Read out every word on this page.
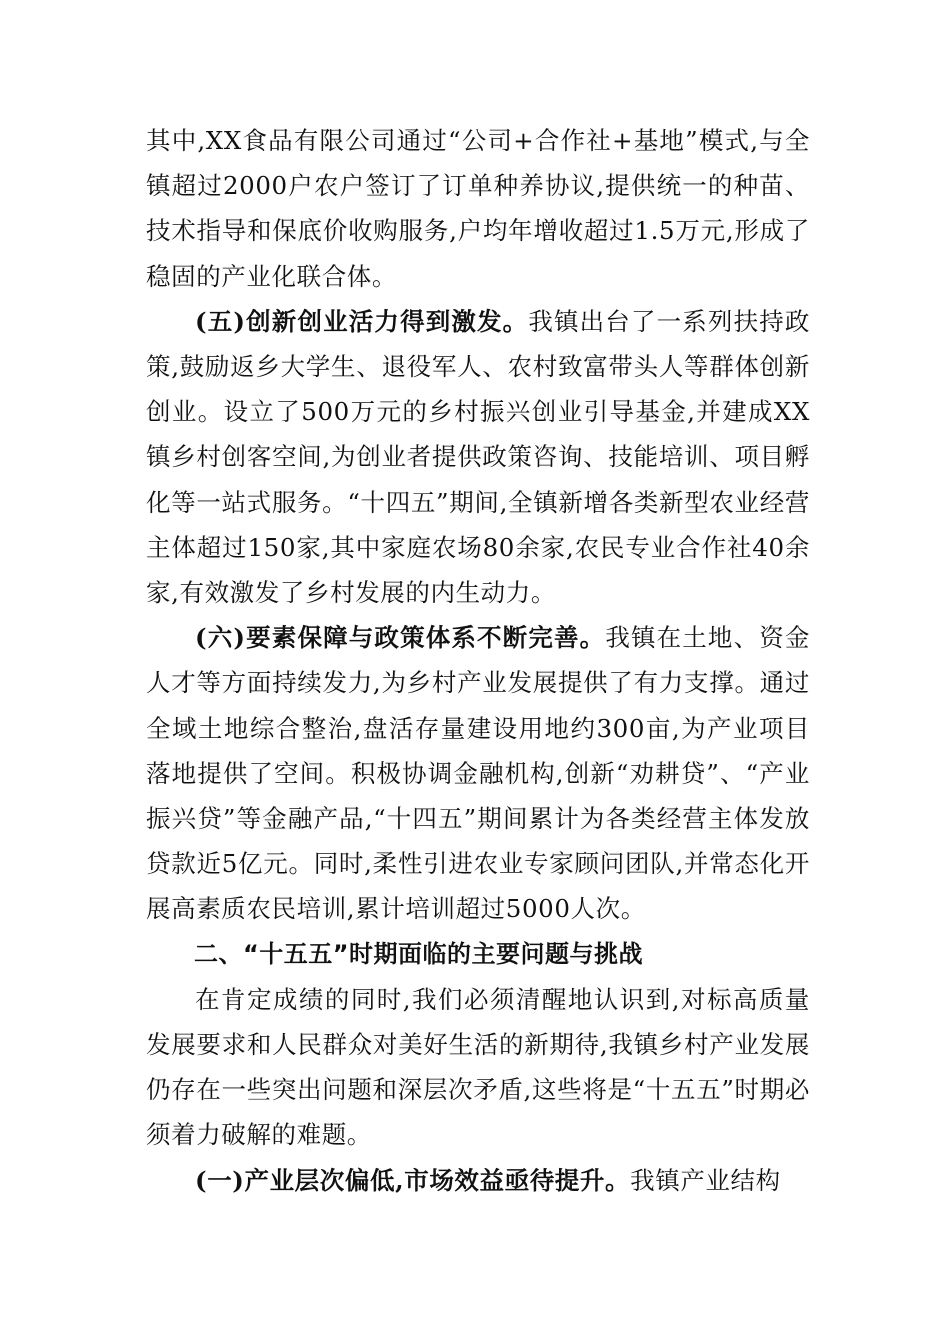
其中,XX食品有限公司通过“公司+合作社+基地”模式,与全镇超过2000户农户签订了订单种养协议,提供统一的种苗、技术指导和保底价收购服务,户均年增收超过1.5万元,形成了稳固的产业化联合体。

(五)创新创业活力得到激发。我镇出台了一系列扶持政策,鼓励返乡大学生、退役军人、农村致富带头人等群体创新创业。设立了500万元的乡村振兴创业引导基金,并建成XX镇乡村创客空间,为创业者提供政策咨询、技能培训、项目孵化等一站式服务。“十四五”期间,全镇新增各类新型农业经营主体超过150家,其中家庭农场80余家,农民专业合作社40余家,有效激发了乡村发展的内生动力。

(六)要素保障与政策体系不断完善。我镇在土地、资金人才等方面持续发力,为乡村产业发展提供了有力支撑。通过全域土地综合整治,盘活存量建设用地约300亩,为产业项目落地提供了空间。积极协调金融机构,创新“劝耕贷”、“产业振兴贷”等金融产品,“十四五”期间累计为各类经营主体发放贷款近5亿元。同时,柔性引进农业专家顾问团队,并常态化开展高素质农民培训,累计培训超过5000人次。

二、“十五五”时期面临的主要问题与挑战

在肯定成绩的同时,我们必须清醒地认识到,对标高质量发展要求和人民群众对美好生活的新期待,我镇乡村产业发展仍存在一些突出问题和深层次矛盾,这些将是“十五五”时期必须着力破解的难题。

(一)产业层次偏低,市场效益亟待提升。我镇产业结构
